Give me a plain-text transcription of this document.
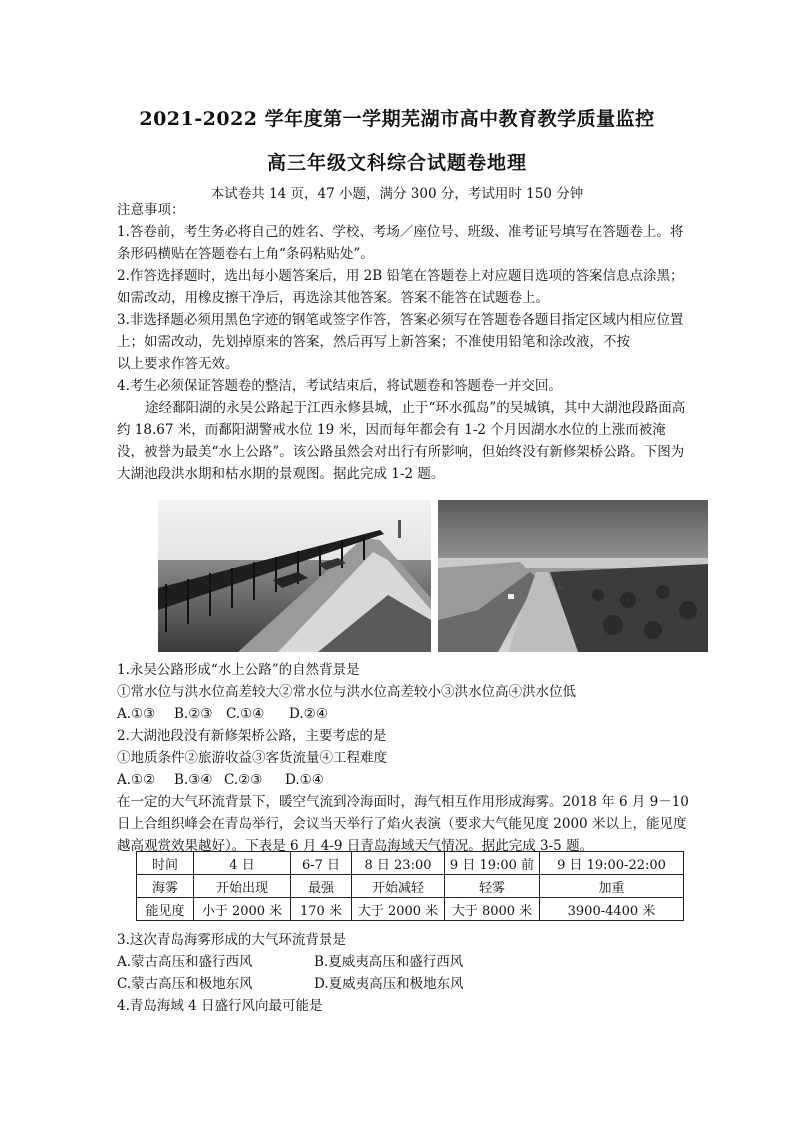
2021-2022 学年度第一学期芜湖市高中教育教学质量监控
高三年级文科综合试题卷地理
本试卷共 14 页，47 小题，满分 300 分，考试用时 150 分钟

注意事项：

1.答卷前，考生务必将自己的姓名、学校、考场／座位号、班级、准考证号填写在答题卷上。将条形码横贴在答题卷右上角“条码粘贴处”。

2.作答选择题时，选出每小题答案后，用 2B 铅笔在答题卷上对应题目选项的答案信息点涂黑；如需改动，用橡皮擦干净后，再选涂其他答案。答案不能答在试题卷上。

3.非选择题必须用黑色字迹的钢笔或签字作答，答案必须写在答题卷各题目指定区域内相应位置上；如需改动，先划掉原来的答案，然后再写上新答案；不准使用铅笔和涂改液，不按

以上要求作答无效。

4.考生必须保证答题卷的整洁，考试结束后，将试题卷和答题卷一并交回。

途经鄱阳湖的永吴公路起于江西永修县城，止于“环水孤岛”的吴城镇，其中大湖池段路面高约 18.67 米，而鄱阳湖警戒水位 19 米，因而每年都会有 1-2 个月因湖水水位的上涨而被淹没，被誉为最美“水上公路”。该公路虽然会对出行有所影响，但始终没有新修架桥公路。下图为大湖池段洪水期和枯水期的景观图。据此完成 1-2 题。

1.永吴公路形成“水上公路”的自然背景是

①常水位与洪水位高差较大②常水位与洪水位高差较小③洪水位高④洪水位低

A.①③	B.②③	C.①④	D.②④

2.大湖池段没有新修架桥公路，主要考虑的是

①地质条件②旅游收益③客货流量④工程难度

A.①②	B.③④ C.②③	D.①④

在一定的大气环流背景下，暖空气流到冷海面时，海气相互作用形成海雾。2018 年 6 月 9－10 日上合组织峰会在青岛举行，会议当天举行了焰火表演（要求大气能见度 2000 米以上，能见度越高观赏效果越好）。下表是 6 月 4-9 日青岛海域天气情况。据此完成 3-5 题。

时间	4 日	6-7 日	8 日 23:00	9 日 19:00 前	9 日 19:00-22:00
海雾	开始出现	最强	开始减轻	轻雾	加重
能见度	小于 2000 米	170 米	大于 2000 米	大于 8000 米	3900-4400 米

3.这次青岛海雾形成的大气环流背景是

A.蒙古高压和盛行西风	B.夏威夷高压和盛行西风

C.蒙古高压和极地东风	D.夏威夷高压和极地东风

4.青岛海域 4 日盛行风向最可能是
